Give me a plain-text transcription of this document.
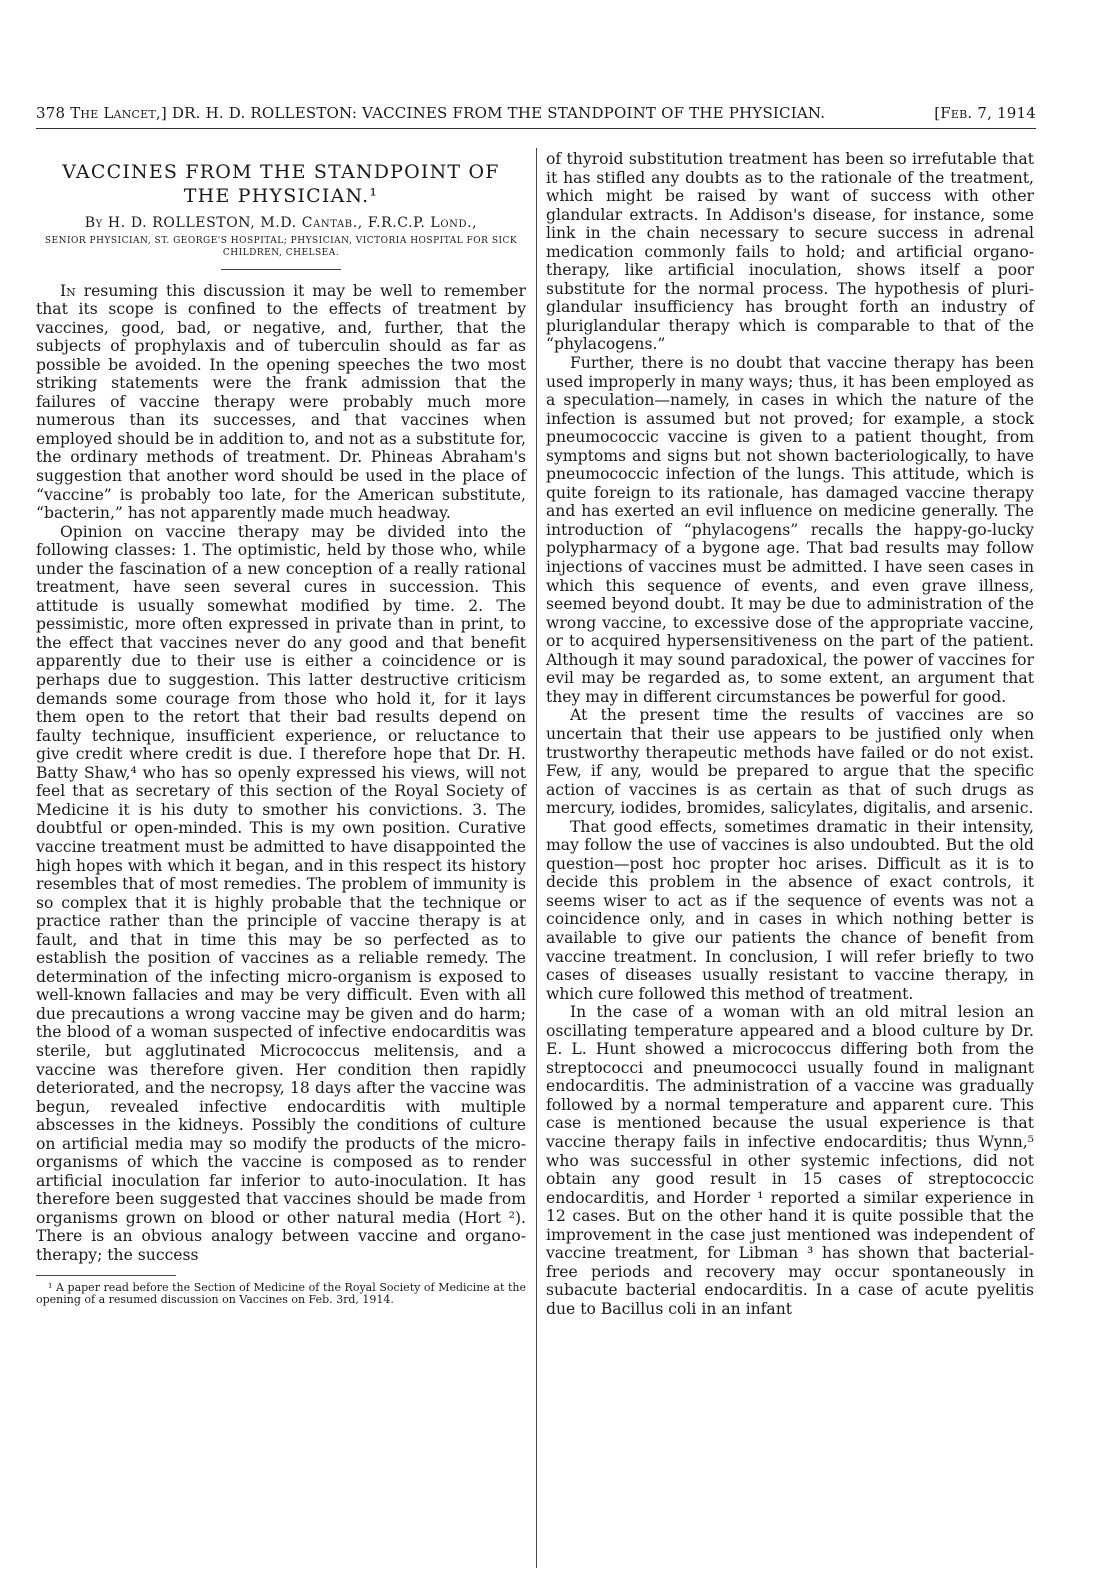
378 The Lancet,] DR. H. D. ROLLESTON: VACCINES FROM THE STANDPOINT OF THE PHYSICIAN.	[Feb. 7, 1914
VACCINES FROM THE STANDPOINT OF
THE PHYSICIAN.¹
By H. D. ROLLESTON, M.D. Cantab., F.R.C.P. Lond.,
SENIOR PHYSICIAN, ST. GEORGE'S HOSPITAL; PHYSICIAN, VICTORIA HOSPITAL FOR SICK CHILDREN, CHELSEA.

In resuming this discussion it may be well to remember that its scope is confined to the effects of treatment by vaccines, good, bad, or negative, and, further, that the subjects of prophylaxis and of tuberculin should as far as possible be avoided. In the opening speeches the two most striking statements were the frank admission that the failures of vaccine therapy were probably much more numerous than its successes, and that vaccines when employed should be in addition to, and not as a substitute for, the ordinary methods of treatment. Dr. Phineas Abraham's suggestion that another word should be used in the place of “vaccine” is probably too late, for the American substitute, “bacterin,” has not apparently made much headway.

Opinion on vaccine therapy may be divided into the following classes: 1. The optimistic, held by those who, while under the fascination of a new conception of a really rational treatment, have seen several cures in succession. This attitude is usually somewhat modified by time. 2. The pessimistic, more often expressed in private than in print, to the effect that vaccines never do any good and that benefit apparently due to their use is either a coincidence or is perhaps due to suggestion. This latter destructive criticism demands some courage from those who hold it, for it lays them open to the retort that their bad results depend on faulty technique, insufficient experience, or reluctance to give credit where credit is due. I therefore hope that Dr. H. Batty Shaw,⁴ who has so openly expressed his views, will not feel that as secretary of this section of the Royal Society of Medicine it is his duty to smother his convictions. 3. The doubtful or open-minded. This is my own position. Curative vaccine treatment must be admitted to have disappointed the high hopes with which it began, and in this respect its history resembles that of most remedies. The problem of immunity is so complex that it is highly probable that the technique or practice rather than the principle of vaccine therapy is at fault, and that in time this may be so perfected as to establish the position of vaccines as a reliable remedy. The determination of the infecting micro-organism is exposed to well-known fallacies and may be very difficult. Even with all due precautions a wrong vaccine may be given and do harm; the blood of a woman suspected of infective endocarditis was sterile, but agglutinated Micrococcus melitensis, and a vaccine was therefore given. Her condition then rapidly deteriorated, and the necropsy, 18 days after the vaccine was begun, revealed infective endocarditis with multiple abscesses in the kidneys. Possibly the conditions of culture on artificial media may so modify the products of the micro-organisms of which the vaccine is composed as to render artificial inoculation far inferior to auto-inoculation. It has therefore been suggested that vaccines should be made from organisms grown on blood or other natural media (Hort ²). There is an obvious analogy between vaccine and organo-therapy; the success

¹ A paper read before the Section of Medicine of the Royal Society of Medicine at the opening of a resumed discussion on Vaccines on Feb. 3rd, 1914.

of thyroid substitution treatment has been so irrefutable that it has stifled any doubts as to the rationale of the treatment, which might be raised by want of success with other glandular extracts. In Addison's disease, for instance, some link in the chain necessary to secure success in adrenal medication commonly fails to hold; and artificial organo-therapy, like artificial inoculation, shows itself a poor substitute for the normal process. The hypothesis of pluri-glandular insufficiency has brought forth an industry of pluriglandular therapy which is comparable to that of the “phylacogens.”

Further, there is no doubt that vaccine therapy has been used improperly in many ways; thus, it has been employed as a speculation—namely, in cases in which the nature of the infection is assumed but not proved; for example, a stock pneumococcic vaccine is given to a patient thought, from symptoms and signs but not shown bacteriologically, to have pneumococcic infection of the lungs. This attitude, which is quite foreign to its rationale, has damaged vaccine therapy and has exerted an evil influence on medicine generally. The introduction of “phylacogens” recalls the happy-go-lucky polypharmacy of a bygone age. That bad results may follow injections of vaccines must be admitted. I have seen cases in which this sequence of events, and even grave illness, seemed beyond doubt. It may be due to administration of the wrong vaccine, to excessive dose of the appropriate vaccine, or to acquired hypersensitiveness on the part of the patient. Although it may sound paradoxical, the power of vaccines for evil may be regarded as, to some extent, an argument that they may in different circumstances be powerful for good.

At the present time the results of vaccines are so uncertain that their use appears to be justified only when trustworthy therapeutic methods have failed or do not exist. Few, if any, would be prepared to argue that the specific action of vaccines is as certain as that of such drugs as mercury, iodides, bromides, salicylates, digitalis, and arsenic.

That good effects, sometimes dramatic in their intensity, may follow the use of vaccines is also undoubted. But the old question—post hoc propter hoc arises. Difficult as it is to decide this problem in the absence of exact controls, it seems wiser to act as if the sequence of events was not a coincidence only, and in cases in which nothing better is available to give our patients the chance of benefit from vaccine treatment. In conclusion, I will refer briefly to two cases of diseases usually resistant to vaccine therapy, in which cure followed this method of treatment.

In the case of a woman with an old mitral lesion an oscillating temperature appeared and a blood culture by Dr. E. L. Hunt showed a micrococcus differing both from the streptococci and pneumococci usually found in malignant endocarditis. The administration of a vaccine was gradually followed by a normal temperature and apparent cure. This case is mentioned because the usual experience is that vaccine therapy fails in infective endocarditis; thus Wynn,⁵ who was successful in other systemic infections, did not obtain any good result in 15 cases of streptococcic endocarditis, and Horder ¹ reported a similar experience in 12 cases. But on the other hand it is quite possible that the improvement in the case just mentioned was independent of vaccine treatment, for Libman ³ has shown that bacterial-free periods and recovery may occur spontaneously in subacute bacterial endocarditis. In a case of acute pyelitis due to Bacillus coli in an infant
